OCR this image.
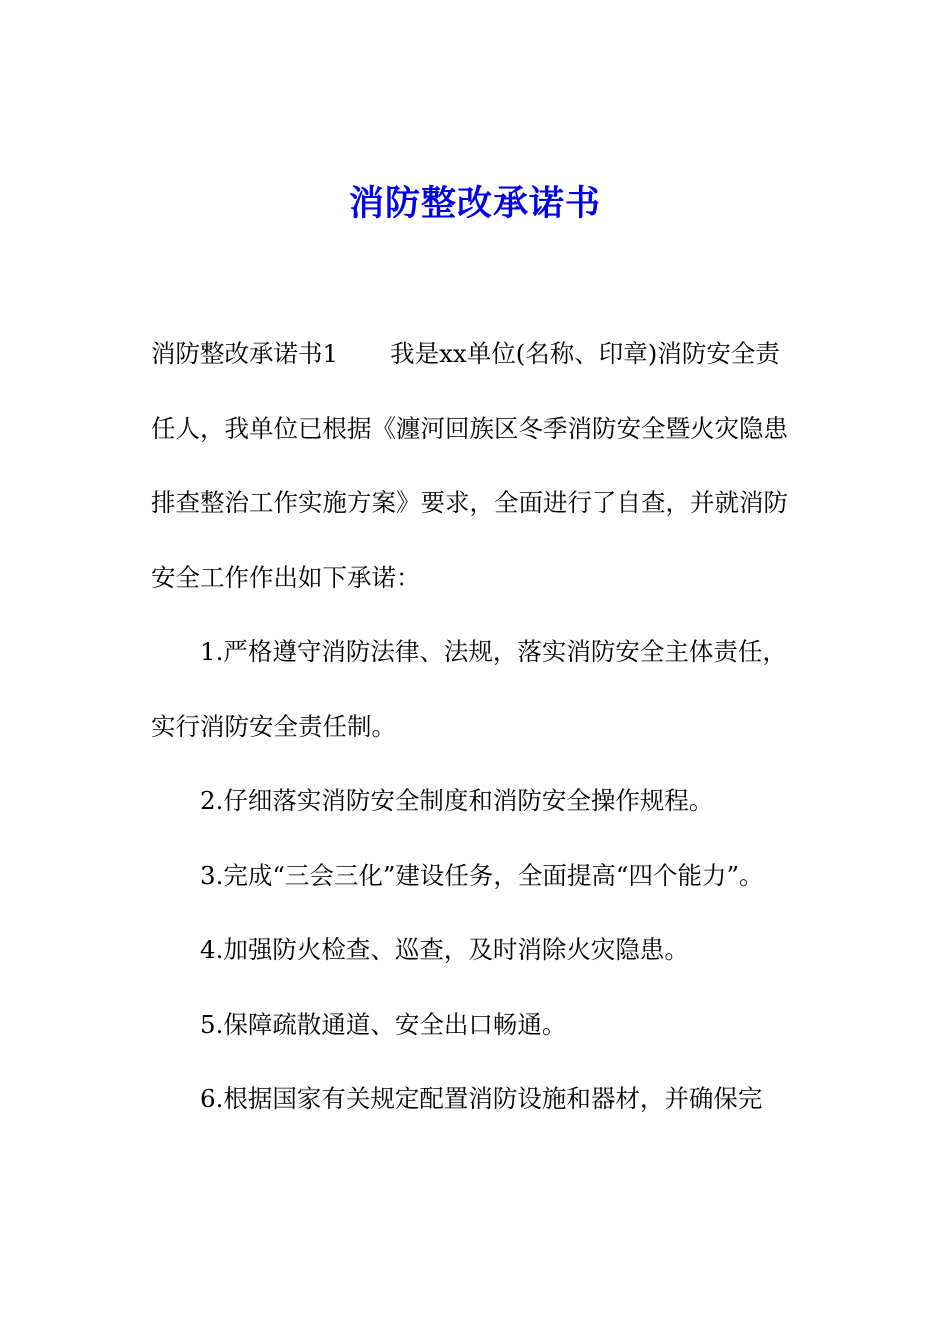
消防整改承诺书

消防整改承诺书1 我是xx单位(名称、印章)消防安全责任人，我单位已根据《瀍河回族区冬季消防安全暨火灾隐患排查整治工作实施方案》要求，全面进行了自查，并就消防安全工作作出如下承诺：

1.严格遵守消防法律、法规，落实消防安全主体责任，实行消防安全责任制。

2.仔细落实消防安全制度和消防安全操作规程。

3.完成“三会三化”建设任务，全面提高“四个能力”。

4.加强防火检查、巡查，及时消除火灾隐患。

5.保障疏散通道、安全出口畅通。

6.根据国家有关规定配置消防设施和器材，并确保完
